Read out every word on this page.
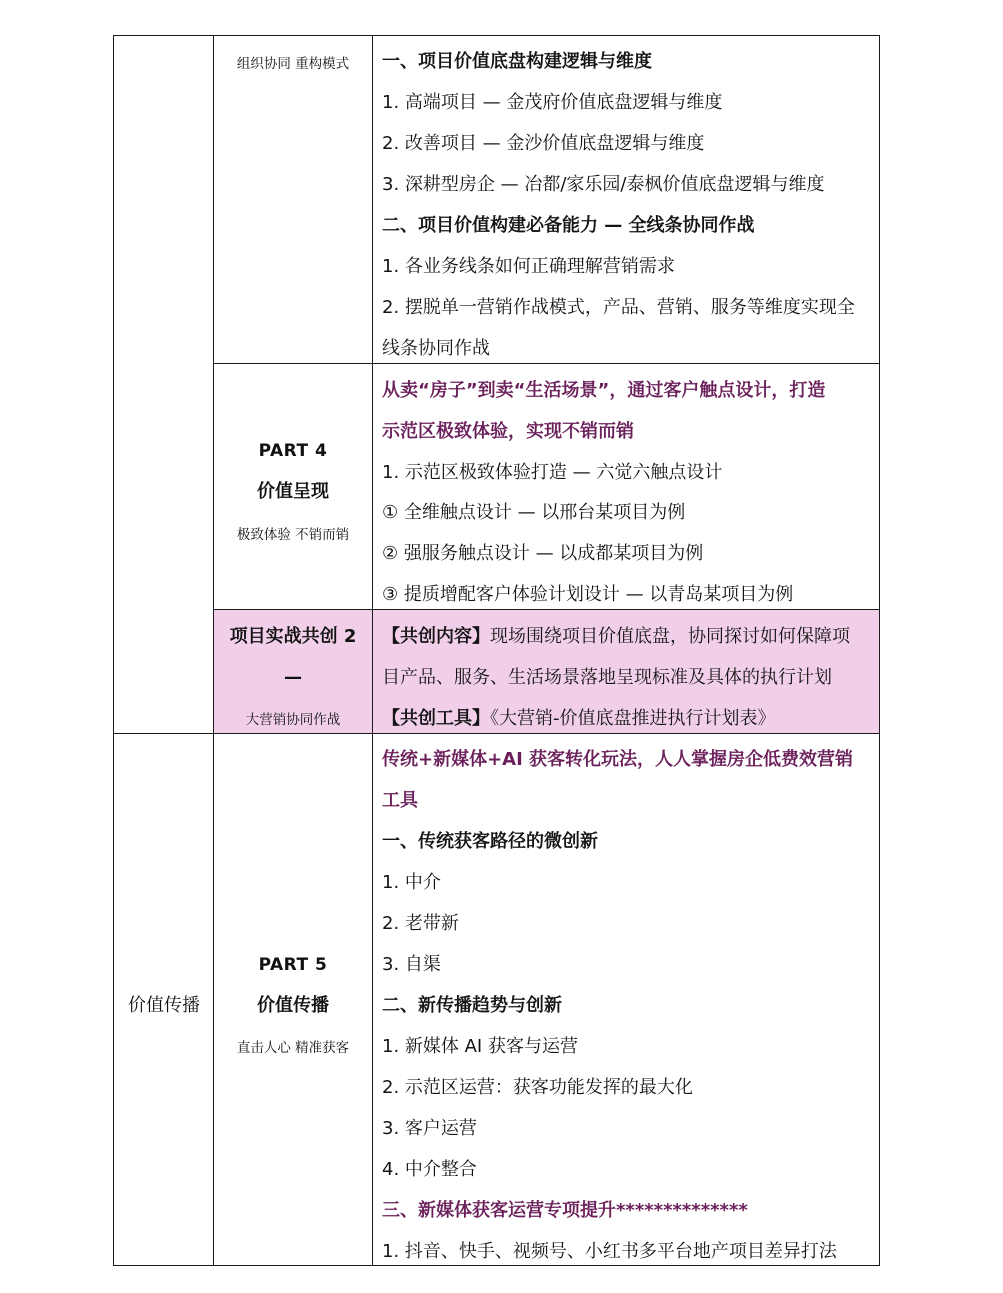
组织协同 重构模式	一、项目价值底盘构建逻辑与维度
1. 高端项目 — 金茂府价值底盘逻辑与维度
2. 改善项目 — 金沙价值底盘逻辑与维度
3. 深耕型房企 — 冶都/家乐园/泰枫价值底盘逻辑与维度
二、项目价值构建必备能力 — 全线条协同作战
1. 各业务线条如何正确理解营销需求
2. 摆脱单一营销作战模式，产品、营销、服务等维度实现全
线条协同作战
PART 4
价值呈现
极致体验 不销而销
从卖“房子”到卖“生活场景”，通过客户触点设计，打造
示范区极致体验，实现不销而销
1. 示范区极致体验打造 — 六觉六触点设计
① 全维触点设计 — 以邢台某项目为例
② 强服务触点设计 — 以成都某项目为例
③ 提质增配客户体验计划设计 — 以青岛某项目为例
项目实战共创 2
—
大营销协同作战
【共创内容】现场围绕项目价值底盘，协同探讨如何保障项
目产品、服务、生活场景落地呈现标准及具体的执行计划
【共创工具】《大营销-价值底盘推进执行计划表》
价值传播
PART 5
价值传播
直击人心 精准获客
传统+新媒体+AI 获客转化玩法，人人掌握房企低费效营销
工具
一、传统获客路径的微创新
1. 中介
2. 老带新
3. 自渠
二、新传播趋势与创新
1. 新媒体 AI 获客与运营
2. 示范区运营：获客功能发挥的最大化
3. 客户运营
4. 中介整合
三、新媒体获客运营专项提升**************
1. 抖音、快手、视频号、小红书多平台地产项目差异打法
